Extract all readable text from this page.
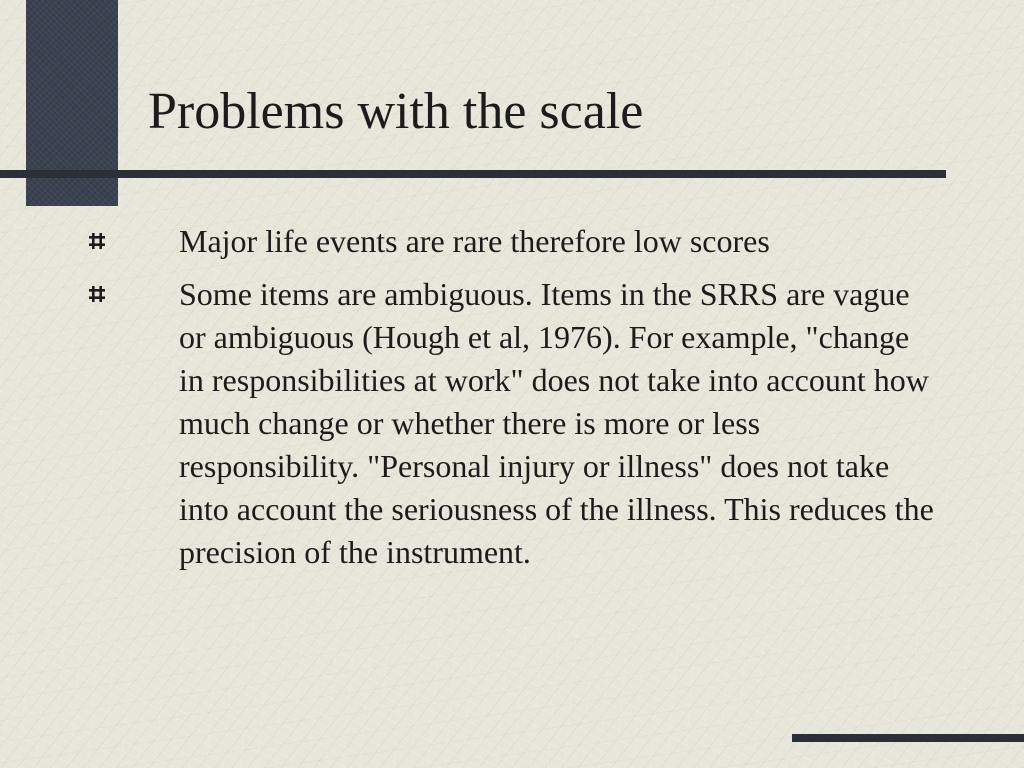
Problems with the scale
Major life events are rare therefore low scores
Some items are ambiguous. Items in the SRRS are vague or ambiguous (Hough et al, 1976). For example, "change in responsibilities at work" does not take into account how much change or whether there is more or less responsibility. "Personal injury or illness" does not take into account the seriousness of the illness. This reduces the precision of the instrument.
